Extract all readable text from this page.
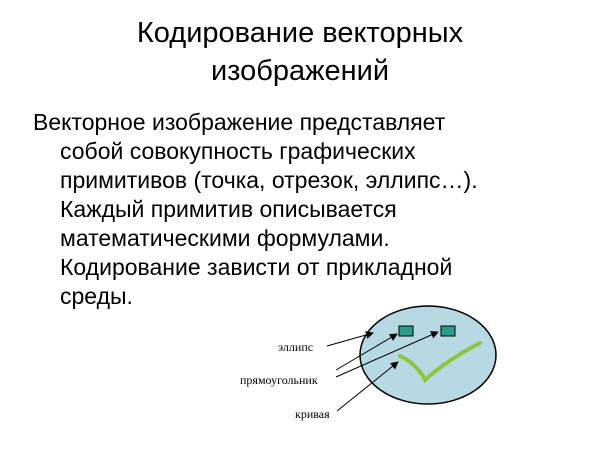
Кодирование векторных
изображений

Векторное изображение представляет
собой совокупность графических
примитивов (точка, отрезок, эллипс…).
Каждый примитив описывается
математическими формулами.
Кодирование зависти от прикладной
среды.

эллипс
прямоугольник
кривая
